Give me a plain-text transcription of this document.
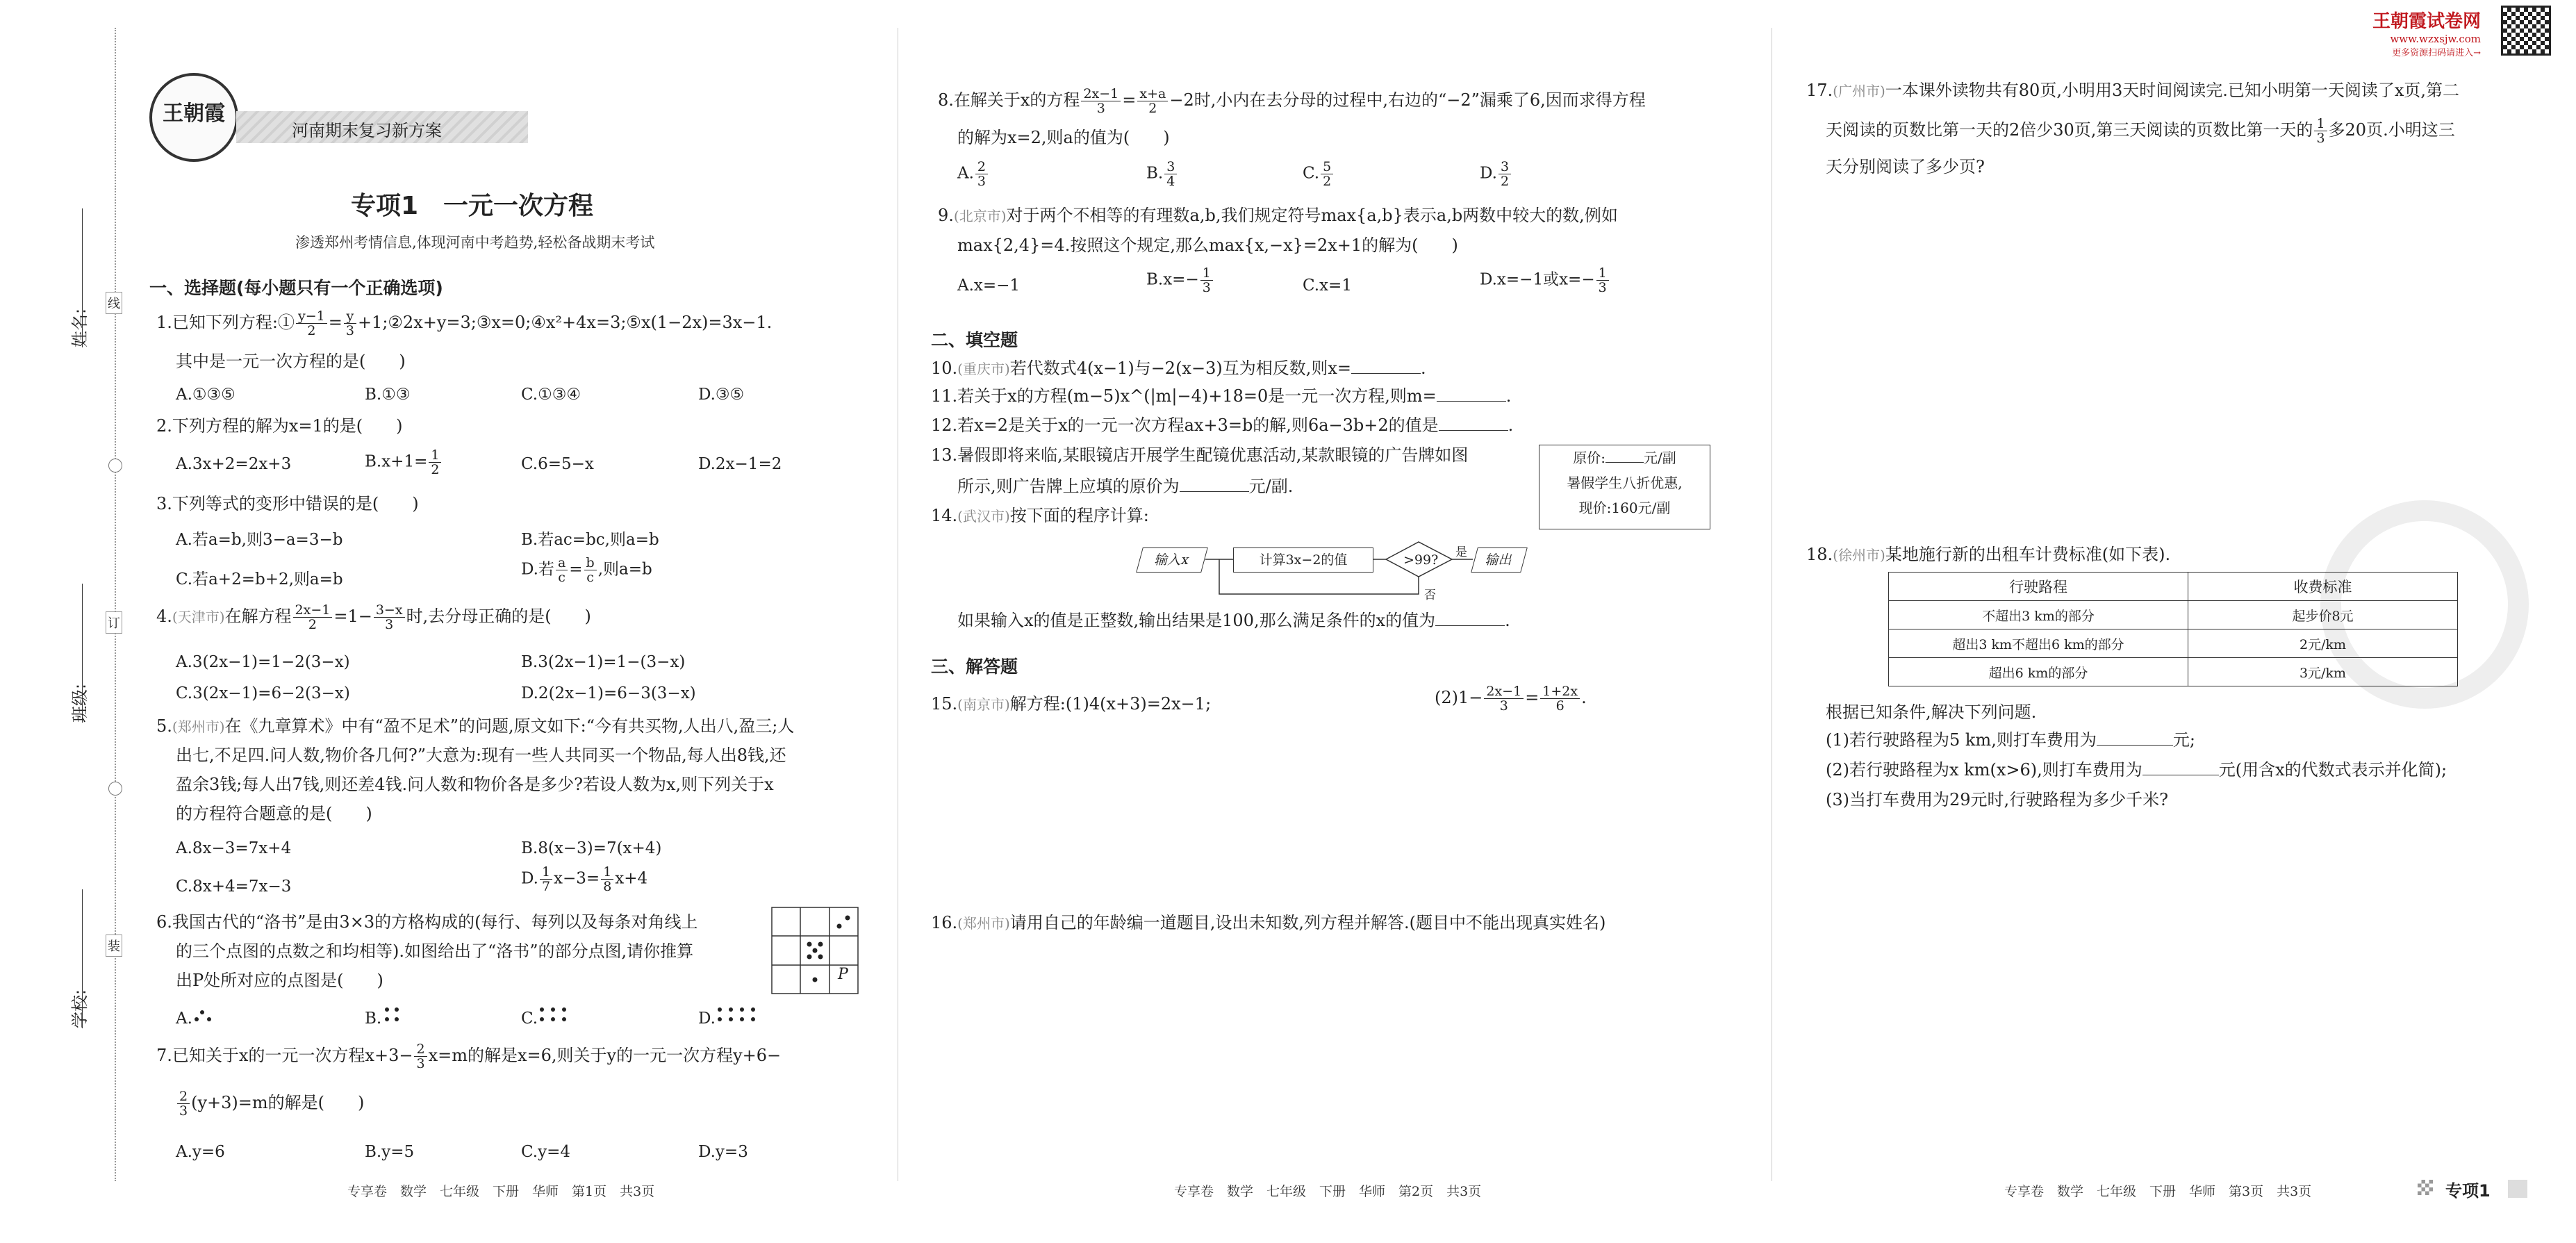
姓名:
班级:
学校:
线
订
装
王朝霞
河南期末复习新方案
专项1　一元一次方程
渗透郑州考情信息,体现河南中考趋势,轻松备战期末考试
一、选择题(每小题只有一个正确选项)
1.已知下列方程:① $\frac{y-1}{2} = \frac{y}{3}$ +1;②2x+y=3;③x=0;④x²+4x=3;⑤x(1−2x)=3x−1.
其中是一元一次方程的是(　　)
A.①③⑤	B.①③	C.①③④	D.③⑤
2.下列方程的解为x=1的是(　　)
A.3x+2=2x+3	$B.x+1= \frac{1}{2}$	C.6=5−x	D.2x−1=2
3.下列等式的变形中错误的是(　　)
A.若a=b,则3−a=3−b	B.若ac=bc,则a=b
C.若a+2=b+2,则a=b
D.若 $\frac{a}{c} = \frac{b}{c}$ ,则a=b
4.(天津市)在解方程 $\frac{2x-1}{2} =1- \frac{3-x}{3}$ 时,去分母正确的是(　　)
A.3(2x−1)=1−2(3−x)	B.3(2x−1)=1−(3−x)
C.3(2x−1)=6−2(3−x)	D.2(2x−1)=6−3(3−x)
5.(郑州市)在《九章算术》中有“盈不足术”的问题,原文如下:“今有共买物,人出八,盈三;人
出七,不足四.问人数,物价各几何?”大意为:现有一些人共同买一个物品,每人出8钱,还
盈余3钱;每人出7钱,则还差4钱.问人数和物价各是多少?若设人数为x,则下列关于x
的方程符合题意的是(　　)
A.8x−3=7x+4	B.8(x−3)=7(x+4)
C.8x+4=7x−3	D. $\frac{1}{7} x-3= \frac{1}{8} x+4$
6.我国古代的“洛书”是由3×3的方格构成的(每行、每列以及每条对角线上
的三个点图的点数之和均相等).如图给出了“洛书”的部分点图,请你推算
出P处所对应的点图是(　　)	P
A.	B.	C.	D.
7.已知关于x的一元一次方程$x+3- \frac{2}{3} x=m$的解是x=6,则关于y的一元一次方程y+6−
$\frac{2}{3} (y+3)=m$的解是(　　)
A.y=6	B.y=5	C.y=4	D.y=3
专享卷　数学　七年级　下册　华师　第1页　共3页
8.在解关于x的方程 $\frac{2x-1}{3} = \frac{x+a}{2} -2$时,小内在去分母的过程中,右边的“−2”漏乘了6,因而求得方程
的解为x=2,则a的值为(　　)
A. $\frac{2}{3}$	B. $\frac{3}{4}$	C. $\frac{5}{2}$	D. $\frac{3}{2}$
9.(北京市)对于两个不相等的有理数a,b,我们规定符号max{a,b}表示a,b两数中较大的数,例如
max{2,4}=4.按照这个规定,那么max{x,−x}=2x+1的解为(　　)
A.x=−1	$B.x=- \frac{1}{3}$	C.x=1	D.x=−1或$x=- \frac{1}{3}$
二、填空题
10.(重庆市)若代数式4(x−1)与−2(x−3)互为相反数,则x=	.
11.若关于x的方程(m−5)x^(|m|−4)+18=0是一元一次方程,则m=	.
12.若x=2是关于x的一元一次方程ax+3=b的解,则6a−3b+2的值是	.
13.暑假即将来临,某眼镜店开展学生配镜优惠活动,某款眼镜的广告牌如图
所示,则广告牌上应填的原价为	元/副.
原价:	元/副
暑假学生八折优惠,
现价:160元/副
14.(武汉市)按下面的程序计算:
输入x	计算3x−2的值	>99? 是	输出
否
如果输入x的值是正整数,输出结果是100,那么满足条件的x的值为	.
三、解答题
15.(南京市)解方程:(1)4(x+3)=2x−1;	$(2)1- \frac{2x-1}{3} = \frac{1+2x}{6}$ .
16.(郑州市)请用自己的年龄编一道题目,设出未知数,列方程并解答.(题目中不能出现真实姓名)
专享卷　数学　七年级　下册　华师　第2页　共3页
王朝霞试卷网
www.wzxsjw.com
更多资源扫码请进入→
17.(广州市)一本课外读物共有80页,小明用3天时间阅读完.已知小明第一天阅读了x页,第二
天阅读的页数比第一天的2倍少30页,第三天阅读的页数比第一天的 $\frac{1}{3}$ 多20页.小明这三
天分别阅读了多少页?
18.(徐州市)某地施行新的出租车计费标准(如下表).
行驶路程	收费标准
不超出3 km的部分	起步价8元
超出3 km不超出6 km的部分	2元/km
超出6 km的部分	3元/km
根据已知条件,解决下列问题.
(1)若行驶路程为5 km,则打车费用为	元;
(2)若行驶路程为x km(x>6),则打车费用为	元(用含x的代数式表示并化简);
(3)当打车费用为29元时,行驶路程为多少千米?
专享卷　数学　七年级　下册　华师　第3页　共3页	专项1
